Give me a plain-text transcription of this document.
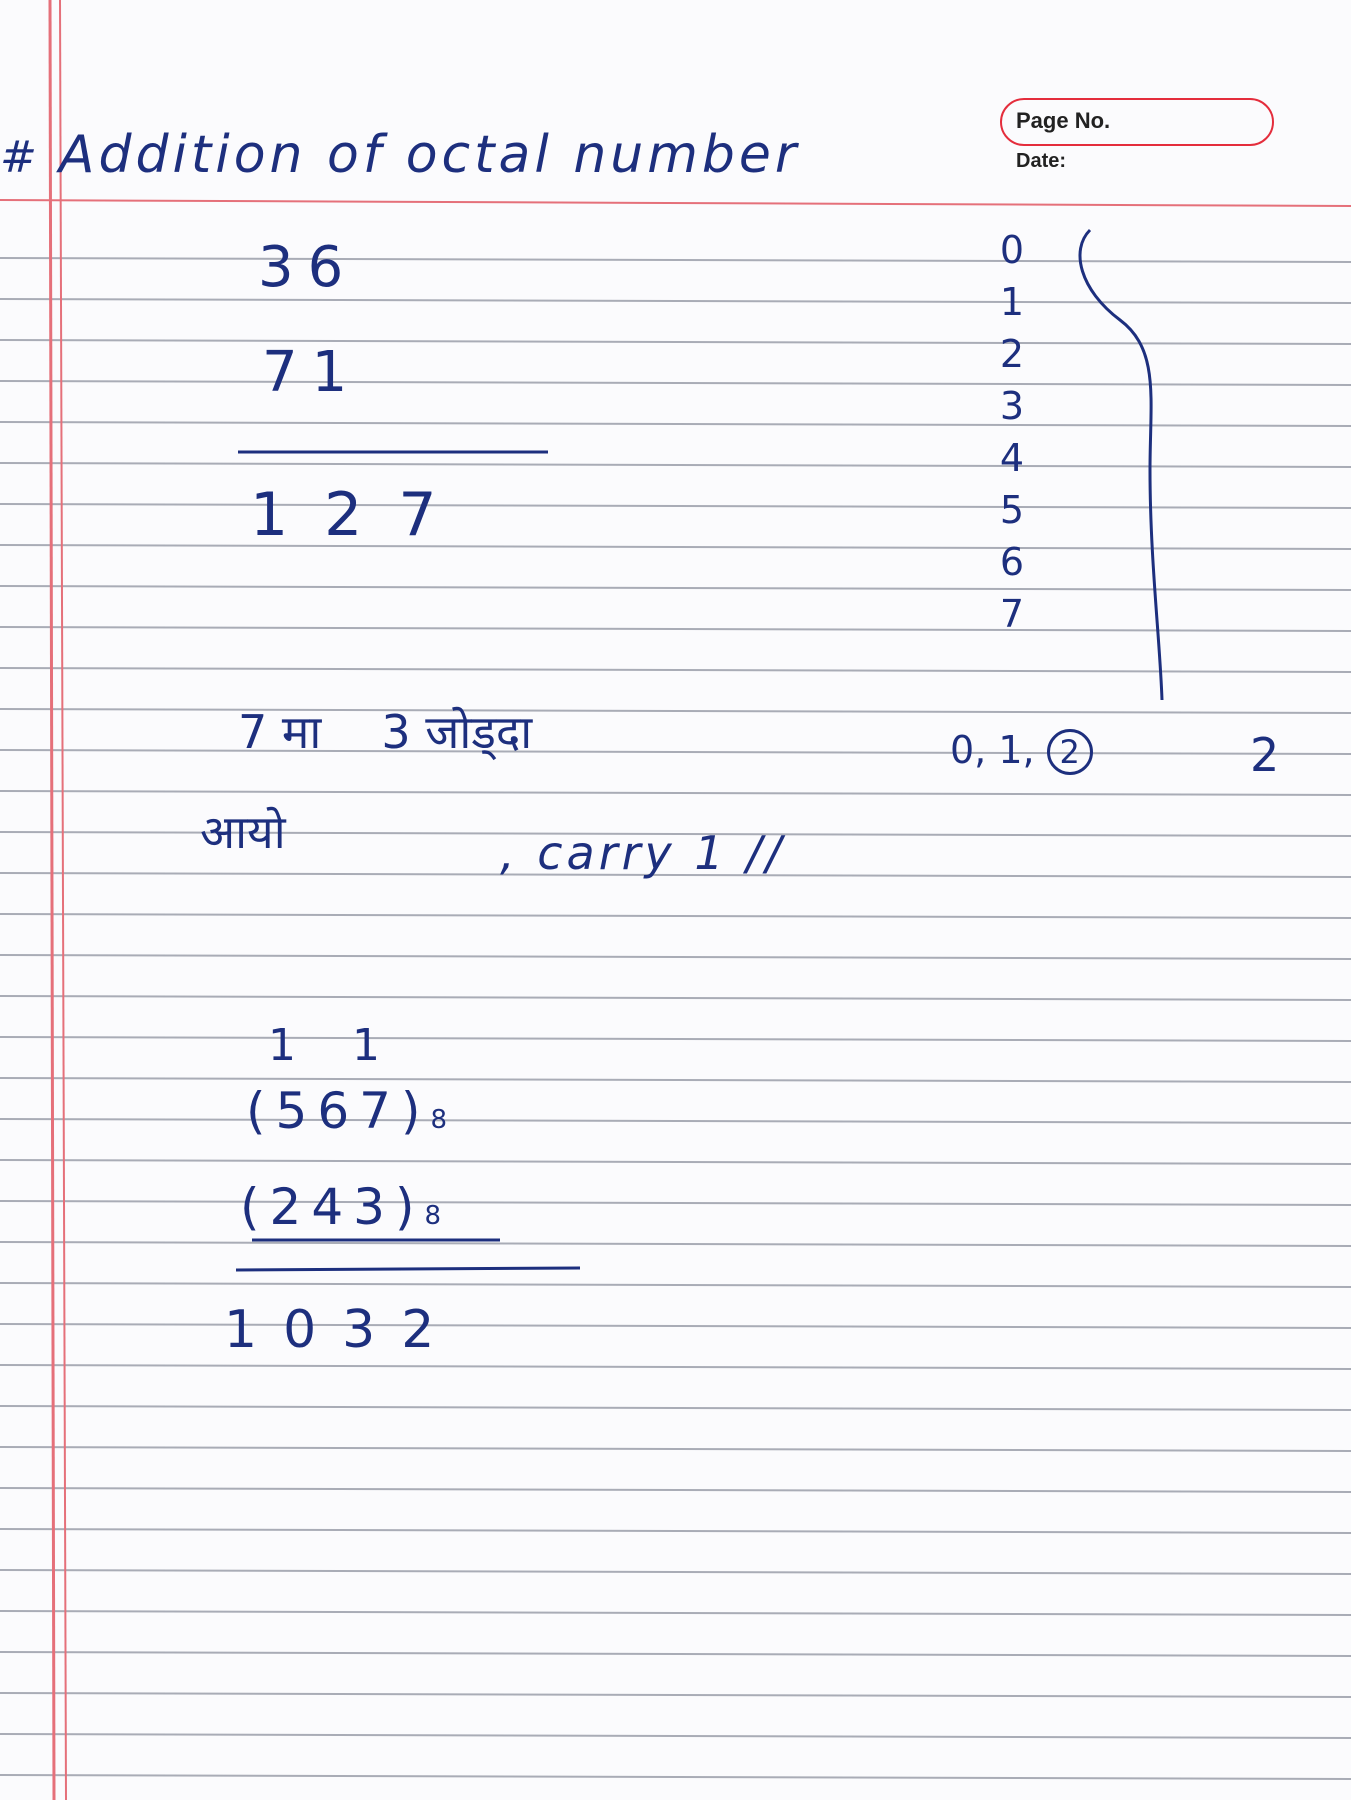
Page No.
Date:
# Addition of octal number
36
71
127
0
1
2
3
4
5
6
7
7 मा 3 जोड्दा	0, 1, 2	2
आयो	, carry 1 //
11
(567)8
(243)8
1032
